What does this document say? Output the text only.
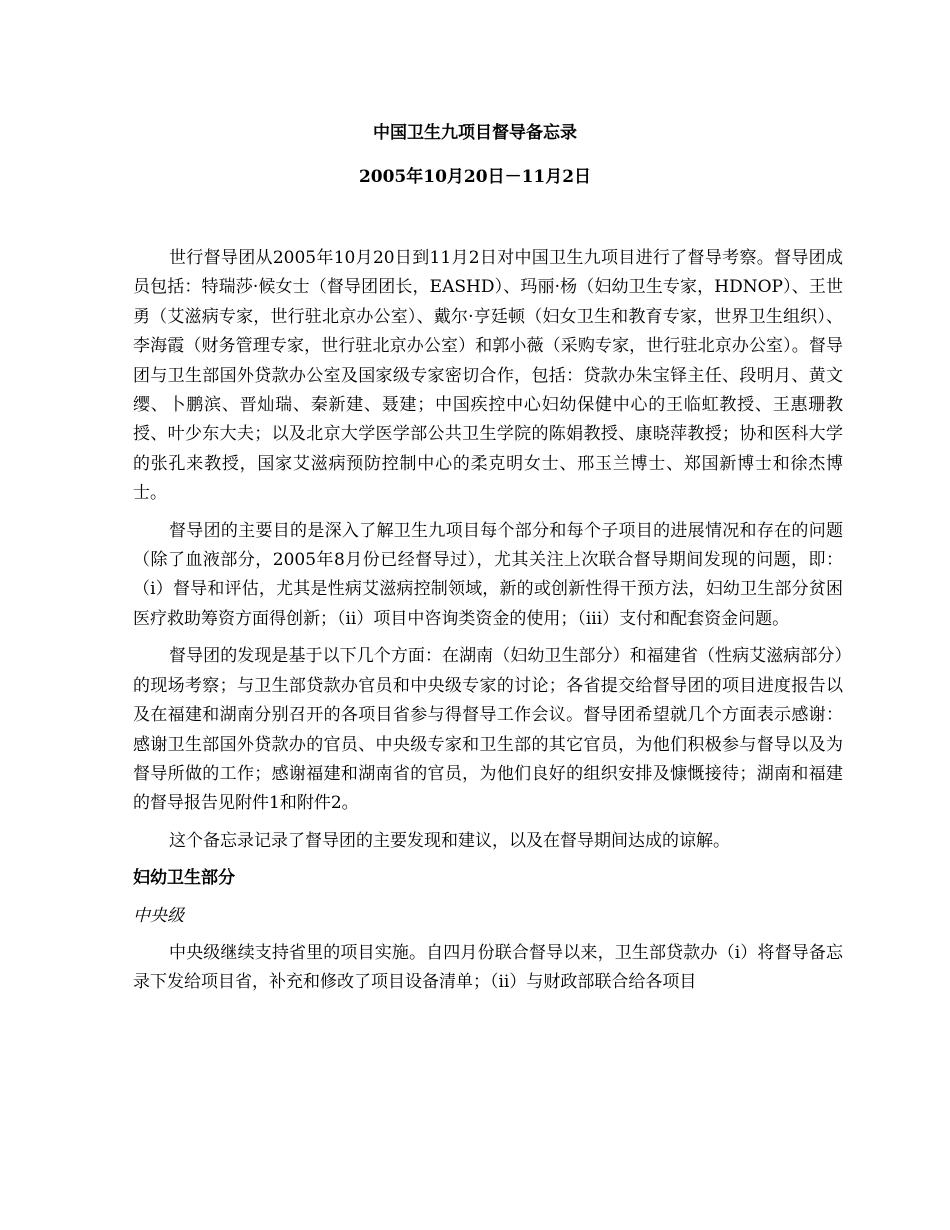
中国卫生九项目督导备忘录
2005年10月20日－11月2日

世行督导团从2005年10月20日到11月2日对中国卫生九项目进行了督导考察。督导团成员包括：特瑞莎·候女士（督导团团长，EASHD）、玛丽·杨（妇幼卫生专家，HDNOP）、王世勇（艾滋病专家，世行驻北京办公室）、戴尔·亨廷顿（妇女卫生和教育专家，世界卫生组织）、李海霞（财务管理专家，世行驻北京办公室）和郭小薇（采购专家，世行驻北京办公室）。督导团与卫生部国外贷款办公室及国家级专家密切合作，包括：贷款办朱宝铎主任、段明月、黄文缨、卜鹏滨、晋灿瑞、秦新建、聂建；中国疾控中心妇幼保健中心的王临虹教授、王惠珊教授、叶少东大夫；以及北京大学医学部公共卫生学院的陈娟教授、康晓萍教授；协和医科大学的张孔来教授，国家艾滋病预防控制中心的柔克明女士、邢玉兰博士、郑国新博士和徐杰博士。

督导团的主要目的是深入了解卫生九项目每个部分和每个子项目的进展情况和存在的问题（除了血液部分，2005年8月份已经督导过），尤其关注上次联合督导期间发现的问题，即：（i）督导和评估，尤其是性病艾滋病控制领域，新的或创新性得干预方法，妇幼卫生部分贫困医疗救助筹资方面得创新；（ii）项目中咨询类资金的使用；（iii）支付和配套资金问题。

督导团的发现是基于以下几个方面：在湖南（妇幼卫生部分）和福建省（性病艾滋病部分）的现场考察；与卫生部贷款办官员和中央级专家的讨论；各省提交给督导团的项目进度报告以及在福建和湖南分别召开的各项目省参与得督导工作会议。督导团希望就几个方面表示感谢：感谢卫生部国外贷款办的官员、中央级专家和卫生部的其它官员，为他们积极参与督导以及为督导所做的工作；感谢福建和湖南省的官员，为他们良好的组织安排及慷慨接待；湖南和福建的督导报告见附件1和附件2。

这个备忘录记录了督导团的主要发现和建议，以及在督导期间达成的谅解。

妇幼卫生部分
中央级

中央级继续支持省里的项目实施。自四月份联合督导以来，卫生部贷款办（i）将督导备忘录下发给项目省，补充和修改了项目设备清单；（ii）与财政部联合给各项目
